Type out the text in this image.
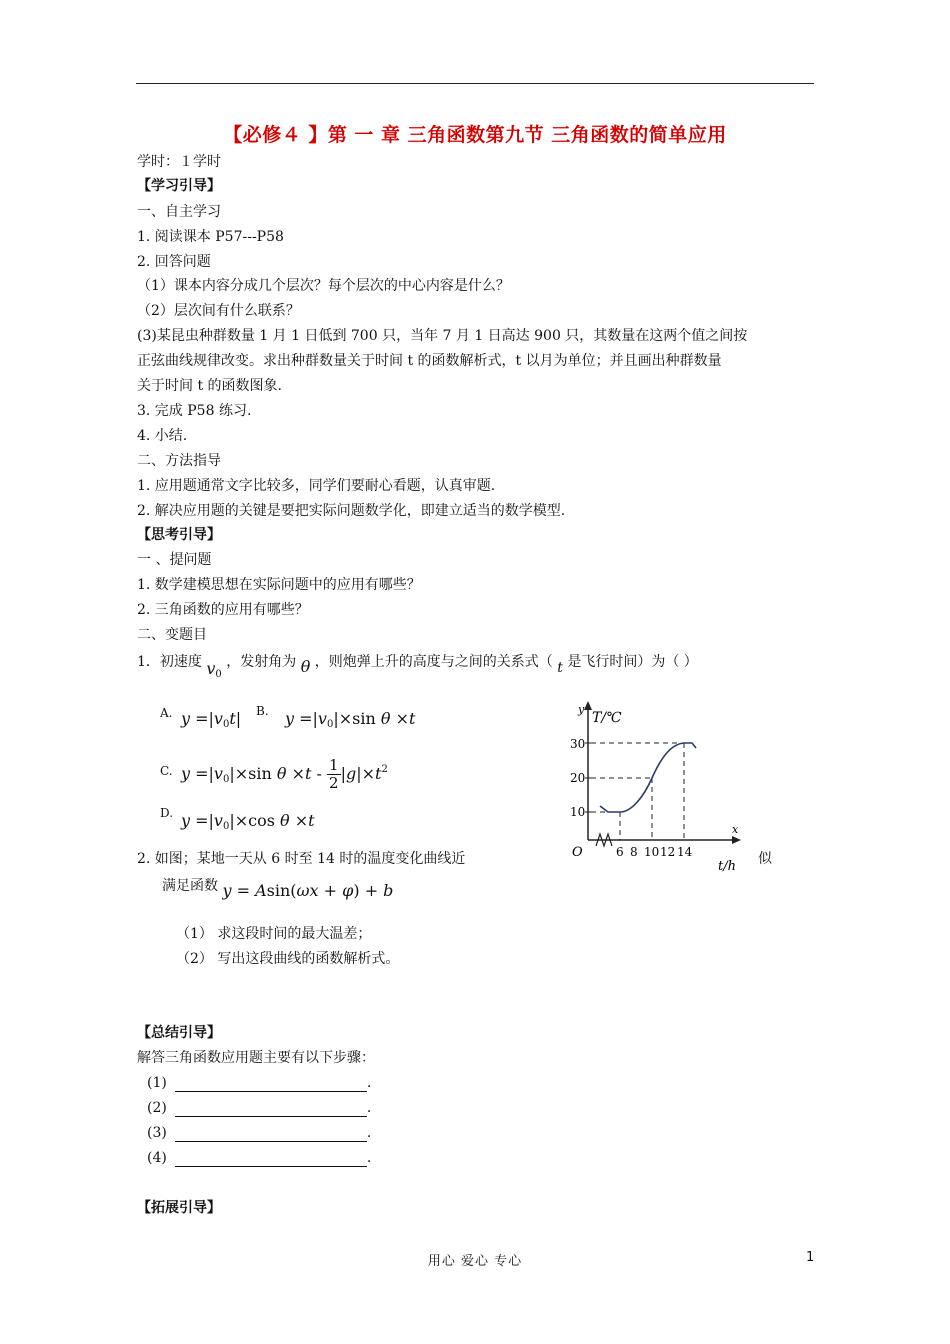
【必修４ 】第 一 章 三角函数第九节 三角函数的简单应用
学时：１学时
【学习引导】
一、自主学习
1. 阅读课本 P57---P58
2. 回答问题
（1）课本内容分成几个层次？每个层次的中心内容是什么？
（2）层次间有什么联系？
(3)某昆虫种群数量 1 月 1 日低到 700 只，当年 7 月 1 日高达 900 只，其数量在这两个值之间按
正弦曲线规律改变。求出种群数量关于时间 t 的函数解析式，t 以月为单位；并且画出种群数量
关于时间 t 的函数图象.
3. 完成 P58 练习.
4. 小结.
二、方法指导
1. 应用题通常文字比较多，同学们要耐心看题，认真审题.
2. 解决应用题的关键是要把实际问题数学化，即建立适当的数学模型.
【思考引导】
一 、提问题
1. 数学建模思想在实际问题中的应用有哪些？
2. 三角函数的应用有哪些？
二、变题目
1．初速度 $v_0$ ，发射角为 θ ，则炮弹上升的高度与之间的关系式（ t 是飞行时间）为（ ）
A. $y =|v_0t|$ B. $y =|v_0|\times\sin$ θ ×t
C. $y =|v_0|\times\sin$ $\theta \times t - \frac{1}{2} |g|\times t^2$
D. $y =|v_0|\times\cos$ θ ×t
y
T/℃
x
t/h
O
10
20
30
6 8 10 12 14
2. 如图；某地一天从 6 时至 14 时的温度变化曲线近	似
满足函数 y = Asin(ωx + φ) + b
（1） 求这段时间的最大温差；
（2） 写出这段曲线的函数解析式。
【总结引导】
解答三角函数应用题主要有以下步骤：
(1)	.
(2)	.
(3)	.
(4)	.
【拓展引导】
用心 爱心 专心	1
